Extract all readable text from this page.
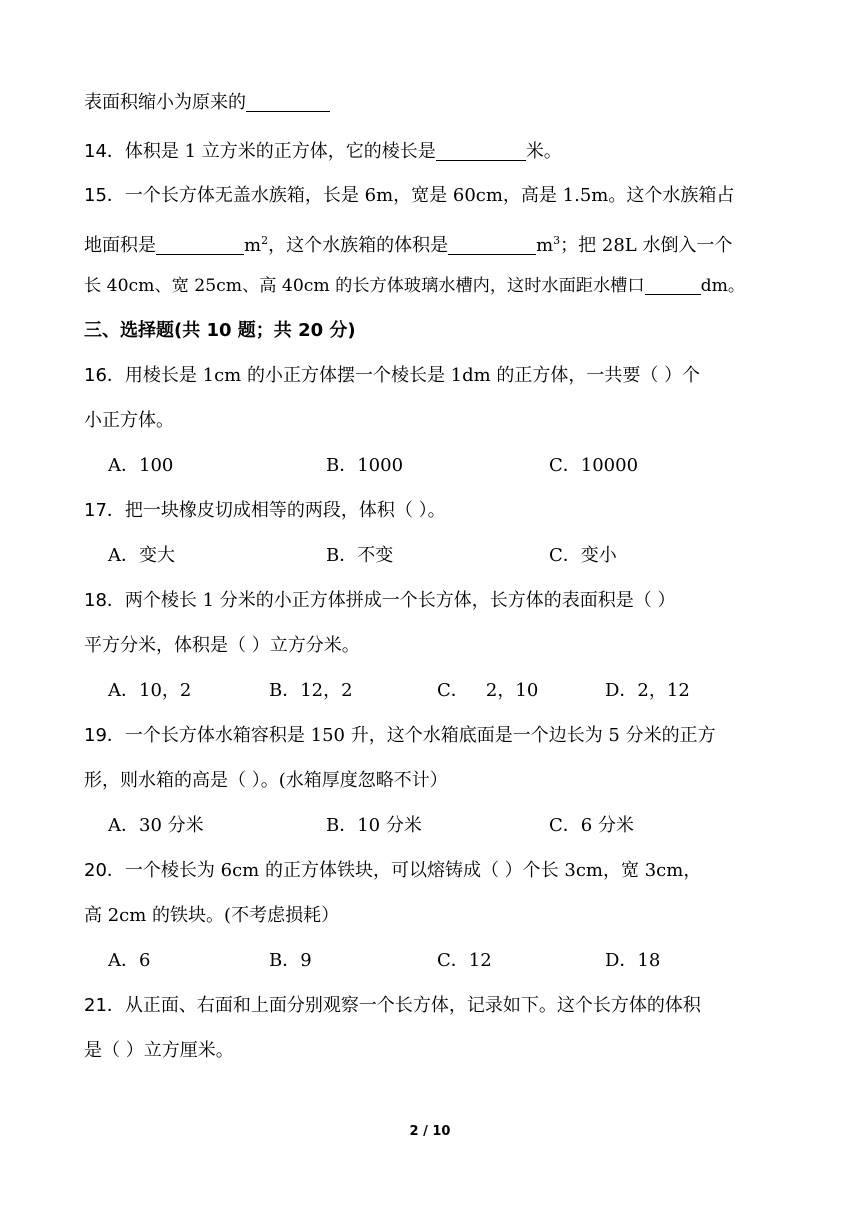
表面积缩小为原来的
14．体积是 1 立方米的正方体，它的棱长是	米。
15．一个长方体无盖水族箱，长是 6m，宽是 60cm，高是 1.5m。这个水族箱占
地面积是	$m^2$，这个水族箱的体积是	$m^3$；把 28L 水倒入一个
长 40cm、宽 25cm、高 40cm 的长方体玻璃水槽内，这时水面距水槽口	dm。
三、选择题(共 10 题；共 20 分)
16．用棱长是 1cm 的小正方体摆一个棱长是 1dm 的正方体，一共要（ ）个
小正方体。
A．100	B．1000	C．10000
17．把一块橡皮切成相等的两段，体积（ ）。
A．变大	B．不变	C．变小
18．两个棱长 1 分米的小正方体拼成一个长方体，长方体的表面积是（ ）
平方分米，体积是（ ）立方分米。
A．10，2	B．12，2	C．   2，10	D．2，12
19．一个长方体水箱容积是 150 升，这个水箱底面是一个边长为 5 分米的正方
形，则水箱的高是（ ）。(水箱厚度忽略不计）
A．30 分米	B．10 分米	C．6 分米
20．一个棱长为 6cm 的正方体铁块，可以熔铸成（ ）个长 3cm，宽 3cm，
高 2cm 的铁块。(不考虑损耗）
A．6	B．9	C．12	D．18
21．从正面、右面和上面分别观察一个长方体，记录如下。这个长方体的体积
是（ ）立方厘米。
2 / 10
